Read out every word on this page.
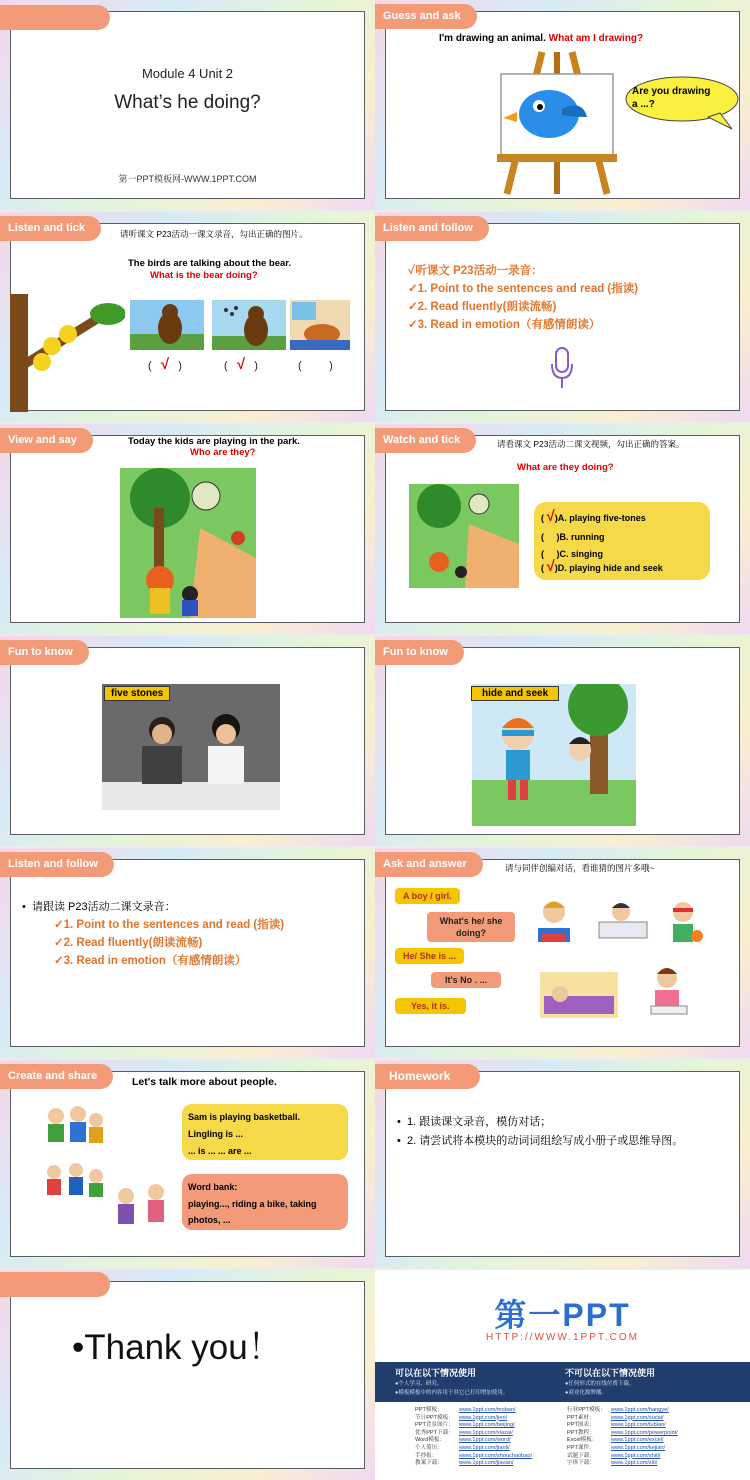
Module 4 Unit 2
What’s he doing?
第一PPT模板网-WWW.1PPT.COM
Guess and ask
I'm drawing an animal. What am I drawing?
Are you drawing a ...?
Listen and tick	请听课文 P23活动一课文录音，勾出正确的图片。
The birds are talking about the bear.
What is the bear doing?
(   √   )	(   √   )	(         )
Listen and follow
✓听课文 P23活动一录音：
✓1. Point to the sentences and read (指读)
✓2. Read fluently(朗读流畅)
✓3. Read in emotion（有感情朗读）
View and say	Today the kids are playing in the park.
Who are they?
Watch and tick	请看课文 P23活动二课文视频，勾出正确的答案。
What are they doing?
( √)A. playing five-tones
(     )B. running
(     )C. singing
( √)D. playing hide and seek
Fun to know
five stones
Fun to know
hide and seek
Listen and follow
•  请跟读 P23活动二课文录音：
✓1. Point to the sentences and read (指读)
✓2. Read fluently(朗读流畅)
✓3. Read in emotion（有感情朗读）
Ask and answer	请与同伴创编对话，看谁猜的图片多哦~
A boy / girl.
What's he/ she doing?
He/ She is ...
It's No . ...
Yes, it is.
Create and share	Let's talk more about people.
Sam is playing basketball.
Lingling is ...
... is ... ... are ...
Word bank:
playing..., riding a bike, taking photos, ...
Homework
•  1. 跟读课文录音，模仿对话；
•  2. 请尝试将本模块的动词词组绘写成小册子或思维导图。
•Thank you！
第一PPT
HTTP://WWW.1PPT.COM
可以在以下情况使用
●个人学习、研究。
●模板模板中的内容用于其它已打印增加使用。
不可以在以下情况使用
●任何形式的在线付费下载。
●商业化源牌播。
PPT模板：	www.1ppt.com/moban/
节日PPT模板： www.1ppt.com/jieri/
PPT背景图片： www.1ppt.com/beijing/
优秀PPT下载： www.1ppt.com/xiazai/
Word模板： www.1ppt.com/word/
个人简历：	www.1ppt.com/jianli/
手抄报：	www.1ppt.com/shouchaobao/
教案下载：	www.1ppt.com/jiaoan/
行业PPT模板： www.1ppt.com/hangye/
PPT素材：	www.1ppt.com/sucai/
PPT图表：	www.1ppt.com/tubiao/
PPT教程：	www.1ppt.com/powerpoint/
Excel模板： www.1ppt.com/excel/
PPT课件：	www.1ppt.com/kejian/
试题下载：	www.1ppt.com/shiti/
字体下载：	www.1ppt.com/ziti/
